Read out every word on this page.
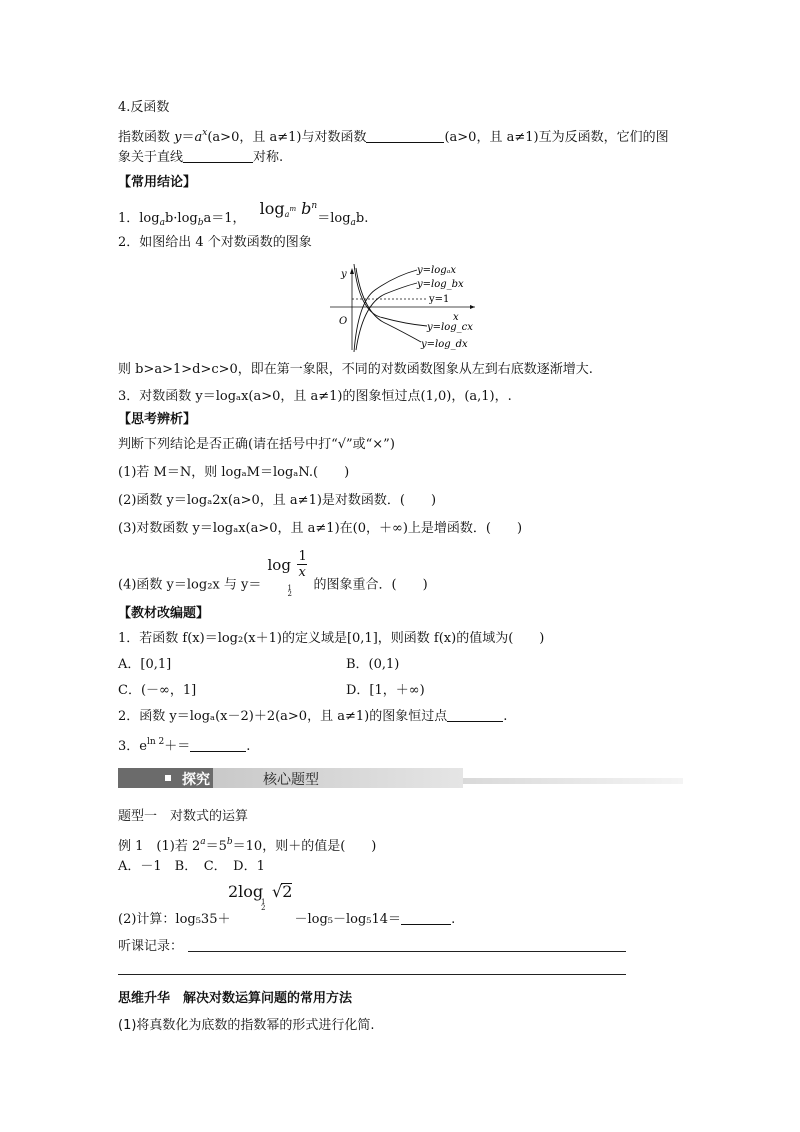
4.反函数
指数函数 $y=a^x(a>0$，且 a≠1)与对数函数	(a>0，且 a≠1)互为反函数，它们的图
象关于直线	对称.
【常用结论】
1．$\log_ab\cdot\log_ba=1$， $\log_{a^m} b^n=\log_ab$.
2．如图给出 4 个对数函数的图象
y
x
O
y=1
y=logₐx
y=log_bx
y=log_cx
y=log_dx
则 b>a>1>d>c>0，即在第一象限，不同的对数函数图象从左到右底数逐渐增大.
3．对数函数 y＝logₐx(a>0，且 a≠1)的图象恒过点(1,0)，(a,1)，.
【思考辨析】
判断下列结论是否正确(请在括号中打“√”或“×”)
(1)若 M＝N，则 logₐM＝logₐN.(　　)
(2)函数 y＝logₐ2x(a>0，且 a≠1)是对数函数．(　　)
(3)对数函数 y＝logₐx(a>0，且 a≠1)在(0，＋∞)上是增函数．(　　)
(4)函数 y＝log₂x 与 y＝
log
1
2
1
x
的图象重合．(　　)
【教材改编题】
1．若函数 f(x)＝log₂(x＋1)的定义域是[0,1]，则函数 f(x)的值域为(　　)
A．[0,1]	B．(0,1)
C．(－∞，1]	D．[1，＋∞)
2．函数 y＝logₐ(x－2)＋2(a>0，且 a≠1)的图象恒过点	.
3．$e^{ln 2}+=$	.
探究	核心题型
题型一　对数式的运算
例 1　(1)若 $2^a=5^b=10$，则＋的值是(　　)
A．－1　B．　C．　D．1
2log
1
2
√2
(2)计算：log₅35＋	－log₅－log₅14＝	.
听课记录：
思维升华　解决对数运算问题的常用方法
(1)将真数化为底数的指数幂的形式进行化简.
